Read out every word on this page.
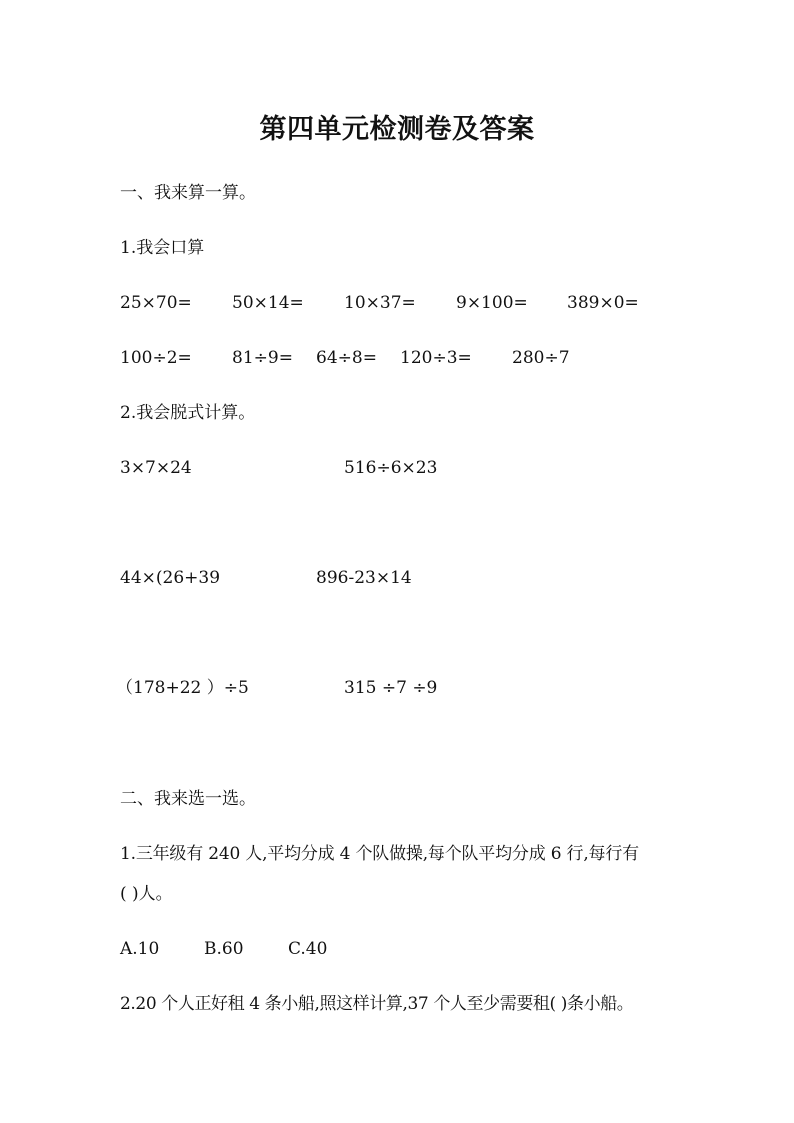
第四单元检测卷及答案
一、我来算一算。
1.我会口算
25×70= 50×14= 10×37= 9×100= 389×0=
100÷2= 81÷9= 64÷8= 120÷3= 280÷7
2.我会脱式计算。
3×7×24	516÷6×23
44×(26+39	896-23×14
（178+22 ）÷5	315 ÷7 ÷9
二、我来选一选。
1.三年级有 240 人,平均分成 4 个队做操,每个队平均分成 6 行,每行有
( )人。
A.10	B.60	C.40
2.20 个人正好租 4 条小船,照这样计算,37 个人至少需要租( )条小船。
